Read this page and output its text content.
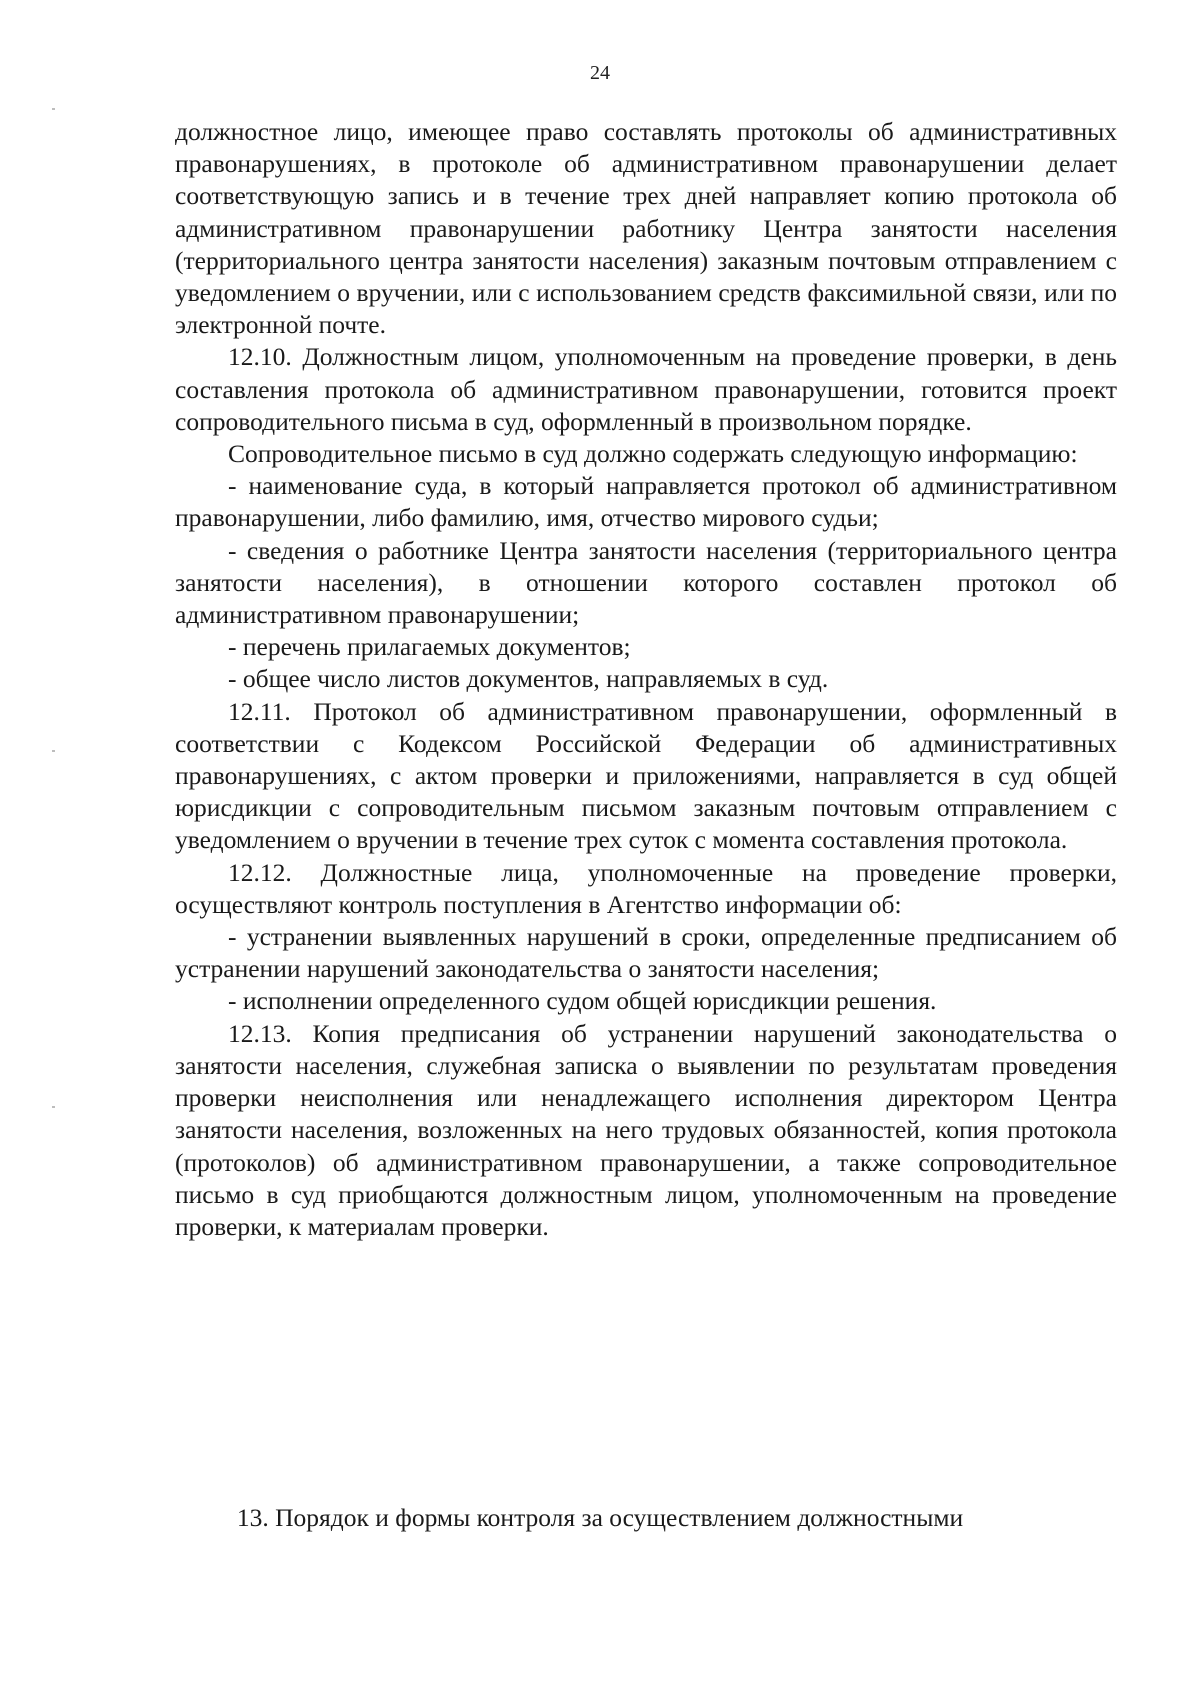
24

должностное лицо, имеющее право составлять протоколы об административных правонарушениях, в протоколе об административном правонарушении делает соответствующую запись и в течение трех дней направляет копию протокола об административном правонарушении работнику Центра занятости населения (территориального центра занятости населения) заказным почтовым отправлением с уведомлением о вручении, или с использованием средств факсимильной связи, или по электронной почте.

12.10. Должностным лицом, уполномоченным на проведение проверки, в день составления протокола об административном правонарушении, готовится проект сопроводительного письма в суд, оформленный в произвольном порядке.

Сопроводительное письмо в суд должно содержать следующую информацию:

- наименование суда, в который направляется протокол об административном правонарушении, либо фамилию, имя, отчество мирового судьи;

- сведения о работнике Центра занятости населения (территориального центра занятости населения), в отношении которого составлен протокол об административном правонарушении;

- перечень прилагаемых документов;

- общее число листов документов, направляемых в суд.

12.11. Протокол об административном правонарушении, оформленный в соответствии с Кодексом Российской Федерации об административных правонарушениях, с актом проверки и приложениями, направляется в суд общей юрисдикции с сопроводительным письмом заказным почтовым отправлением с уведомлением о вручении в течение трех суток с момента составления протокола.

12.12. Должностные лица, уполномоченные на проведение проверки, осуществляют контроль поступления в Агентство информации об:

- устранении выявленных нарушений в сроки, определенные предписанием об устранении нарушений законодательства о занятости населения;

- исполнении определенного судом общей юрисдикции решения.

12.13. Копия предписания об устранении нарушений законодательства о занятости населения, служебная записка о выявлении по результатам проведения проверки неисполнения или ненадлежащего исполнения директором Центра занятости населения, возложенных на него трудовых обязанностей, копия протокола (протоколов) об административном правонарушении, а также сопроводительное письмо в суд приобщаются должностным лицом, уполномоченным на проведение проверки, к материалам проверки.

13. Порядок и формы контроля за осуществлением должностными
